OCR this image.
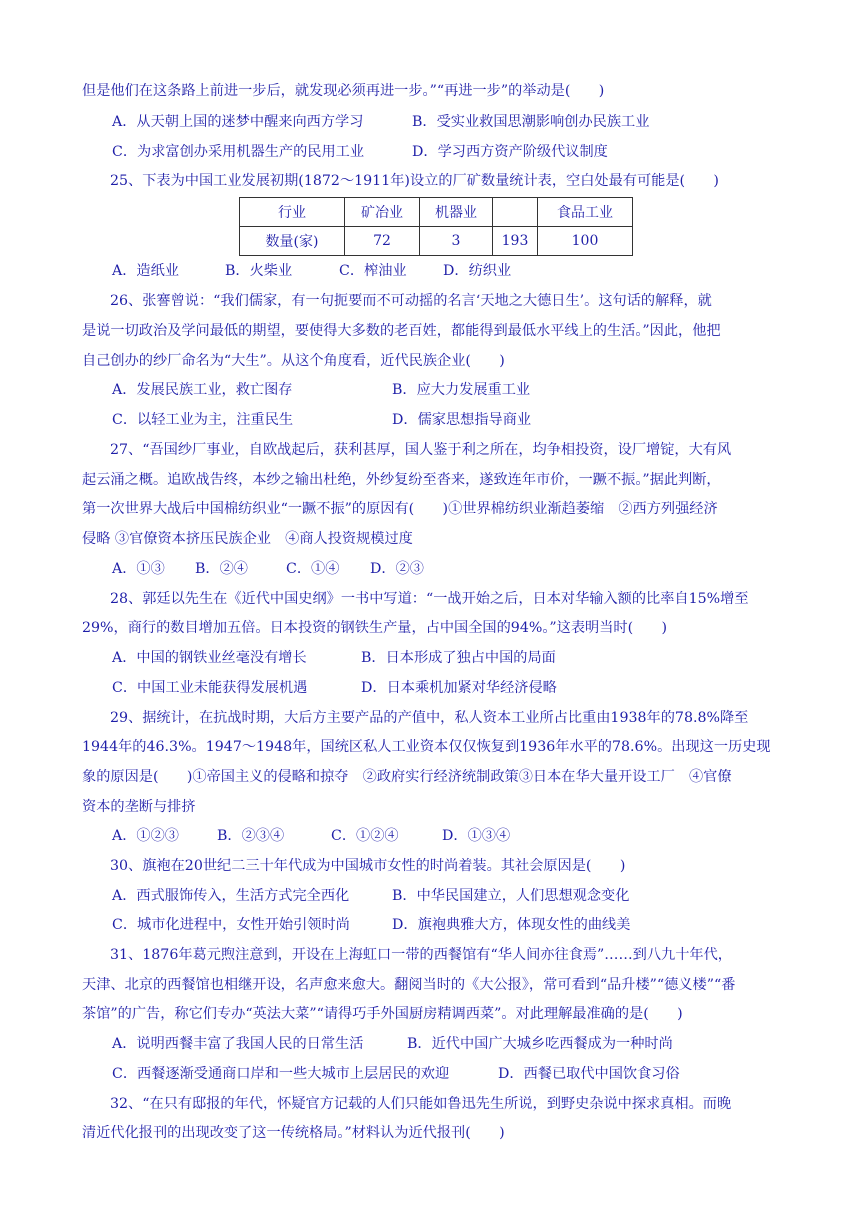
但是他们在这条路上前进一步后，就发现必须再进一步。”“再进一步”的举动是(　　)
A．从天朝上国的迷梦中醒来向西方学习	B．受实业救国思潮影响创办民族工业
C．为求富创办采用机器生产的民用工业	D．学习西方资产阶级代议制度
25、下表为中国工业发展初期(1872～1911年)设立的厂矿数量统计表，空白处最有可能是(　　)
行业	矿冶业	机器业		食品工业
数量(家)	72	3	193	100
A．造纸业	B．火柴业	C．榨油业	D．纺织业
26、张謇曾说：“我们儒家，有一句扼要而不可动摇的名言‘天地之大德日生’。这句话的解释，就
是说一切政治及学问最低的期望，要使得大多数的老百姓，都能得到最低水平线上的生活。”因此，他把
自己创办的纱厂命名为“大生”。从这个角度看，近代民族企业(　　)
A．发展民族工业，救亡图存	B．应大力发展重工业
C．以轻工业为主，注重民生	D．儒家思想指导商业
27、“吾国纱厂事业，自欧战起后，获利甚厚，国人鉴于利之所在，均争相投资，设厂增锭，大有风
起云涌之概。追欧战告终，本纱之输出杜绝，外纱复纷至沓来，遂致连年市价，一蹶不振。”据此判断，
第一次世界大战后中国棉纺织业“一蹶不振”的原因有(　　)①世界棉纺织业渐趋萎缩　②西方列强经济
侵略 ③官僚资本挤压民族企业　④商人投资规模过度
A．①③ B．②④	C．①④ D．②③
28、郭廷以先生在《近代中国史纲》一书中写道：“一战开始之后，日本对华输入额的比率自15%增至
29%，商行的数目增加五倍。日本投资的钢铁生产量，占中国全国的94%。”这表明当时(　　)
A．中国的钢铁业丝毫没有增长	B．日本形成了独占中国的局面
C．中国工业未能获得发展机遇	D．日本乘机加紧对华经济侵略
29、据统计，在抗战时期，大后方主要产品的产值中，私人资本工业所占比重由1938年的78.8%降至
1944年的46.3%。1947～1948年，国统区私人工业资本仅仅恢复到1936年水平的78.6%。出现这一历史现
象的原因是(　　)①帝国主义的侵略和掠夺　②政府实行经济统制政策③日本在华大量开设工厂　④官僚
资本的垄断与排挤
A．①②③	B．②③④	C．①②④	D．①③④
30、旗袍在20世纪二三十年代成为中国城市女性的时尚着装。其社会原因是(　　)
A．西式服饰传入，生活方式完全西化	B．中华民国建立，人们思想观念变化
C．城市化进程中，女性开始引领时尚	D．旗袍典雅大方，体现女性的曲线美
31、1876年葛元煦注意到，开设在上海虹口一带的西餐馆有“华人间亦往食焉”……到八九十年代，
天津、北京的西餐馆也相继开设，名声愈来愈大。翻阅当时的《大公报》，常可看到“品升楼”“德义楼”“番
茶馆”的广告，称它们专办“英法大菜”“请得巧手外国厨房精调西菜”。对此理解最准确的是(　　)
A．说明西餐丰富了我国人民的日常生活	B．近代中国广大城乡吃西餐成为一种时尚
C．西餐逐渐受通商口岸和一些大城市上层居民的欢迎	D．西餐已取代中国饮食习俗
32、“在只有邸报的年代，怀疑官方记载的人们只能如鲁迅先生所说，到野史杂说中探求真相。而晚
清近代化报刊的出现改变了这一传统格局。”材料认为近代报刊(　　)
